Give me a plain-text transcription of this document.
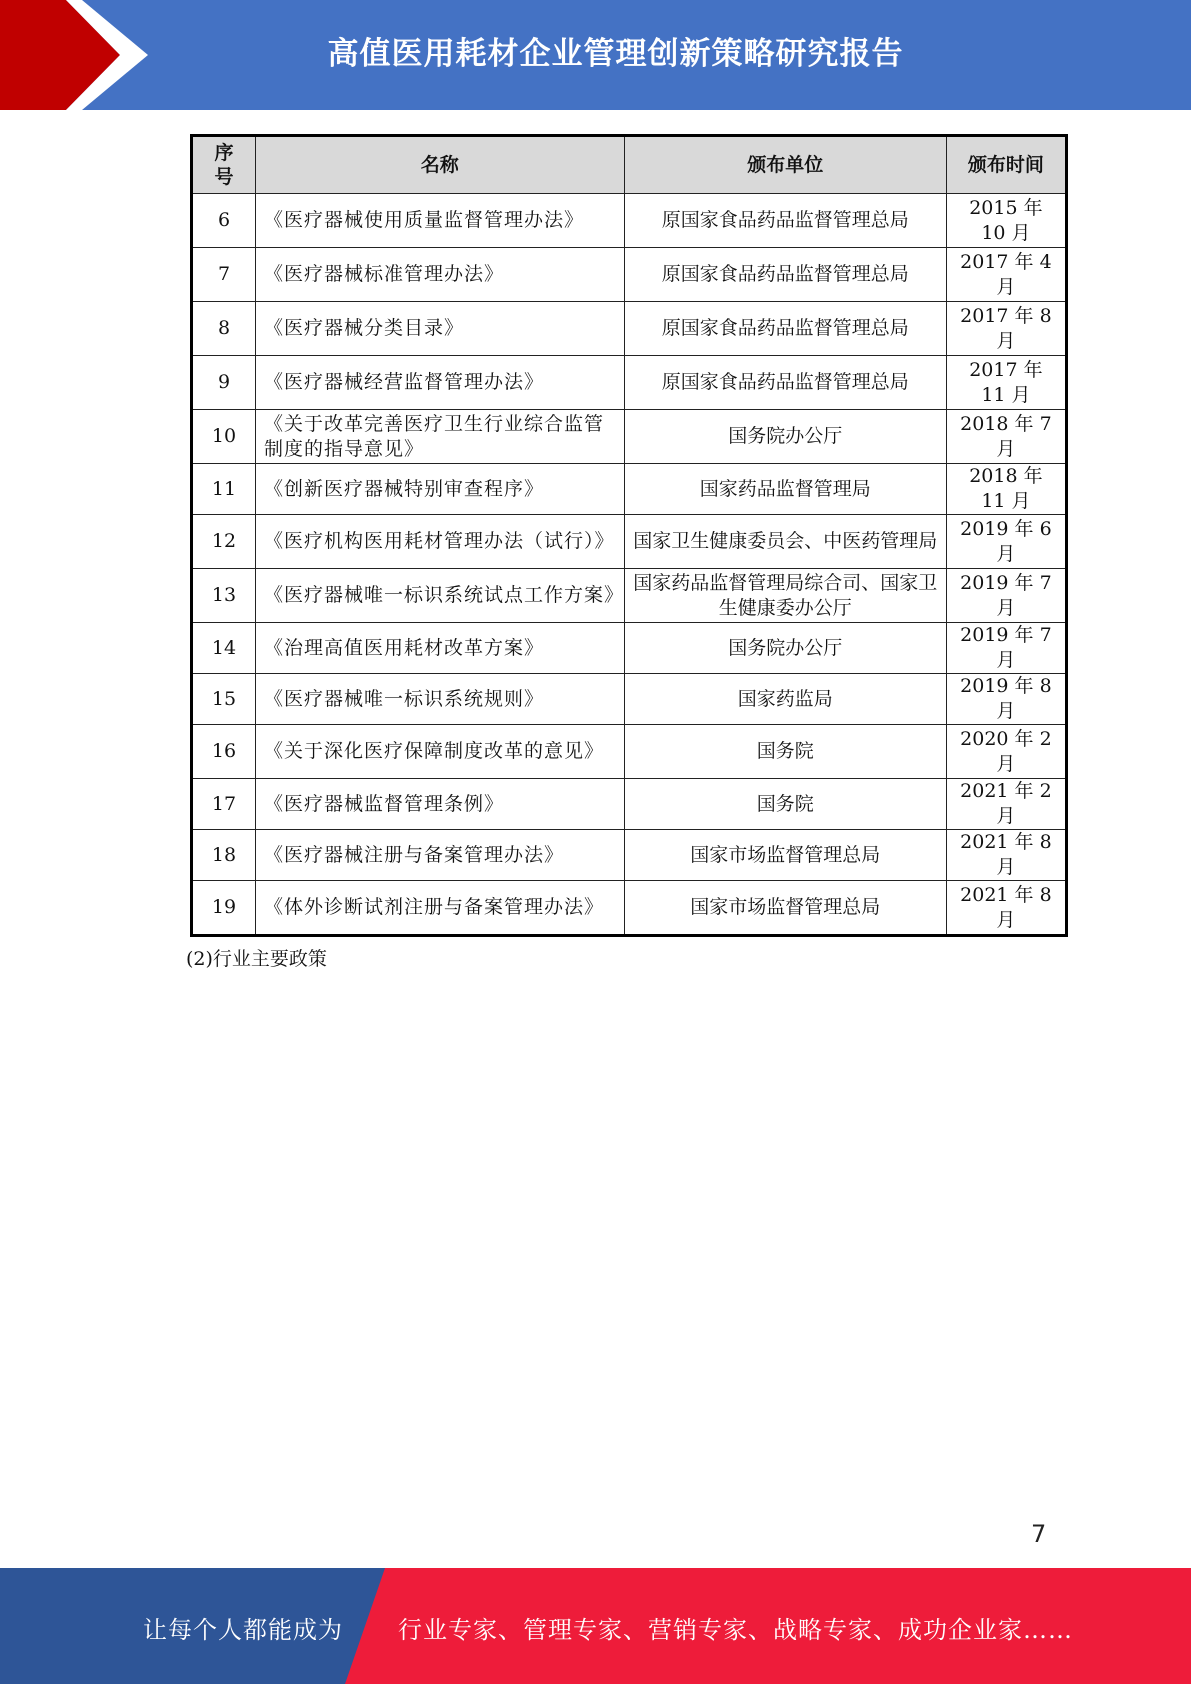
高值医用耗材企业管理创新策略研究报告
序
号	名称	颁布单位	颁布时间
6	《医疗器械使用质量监督管理办法》	原国家食品药品监督管理总局	2015 年 10 月
7	《医疗器械标准管理办法》	原国家食品药品监督管理总局	2017 年 4 月
8	《医疗器械分类目录》	原国家食品药品监督管理总局	2017 年 8 月
9	《医疗器械经营监督管理办法》	原国家食品药品监督管理总局	2017 年 11 月
10	《关于改革完善医疗卫生行业综合监管制度的指导意见》	国务院办公厅	2018 年 7 月
11	《创新医疗器械特别审查程序》	国家药品监督管理局	2018 年 11 月
12	《医疗机构医用耗材管理办法（试行）》	国家卫生健康委员会、中医药管理局	2019 年 6 月
13	《医疗器械唯一标识系统试点工作方案》	国家药品监督管理局综合司、国家卫生健康委办公厅	2019 年 7 月
14	《治理高值医用耗材改革方案》	国务院办公厅	2019 年 7 月
15	《医疗器械唯一标识系统规则》	国家药监局	2019 年 8 月
16	《关于深化医疗保障制度改革的意见》	国务院	2020 年 2 月
17	《医疗器械监督管理条例》	国务院	2021 年 2 月
18	《医疗器械注册与备案管理办法》	国家市场监督管理总局	2021 年 8 月
19	《体外诊断试剂注册与备案管理办法》	国家市场监督管理总局	2021 年 8 月
(2)行业主要政策
7
让每个人都能成为 行业专家、管理专家、营销专家、战略专家、成功企业家……
